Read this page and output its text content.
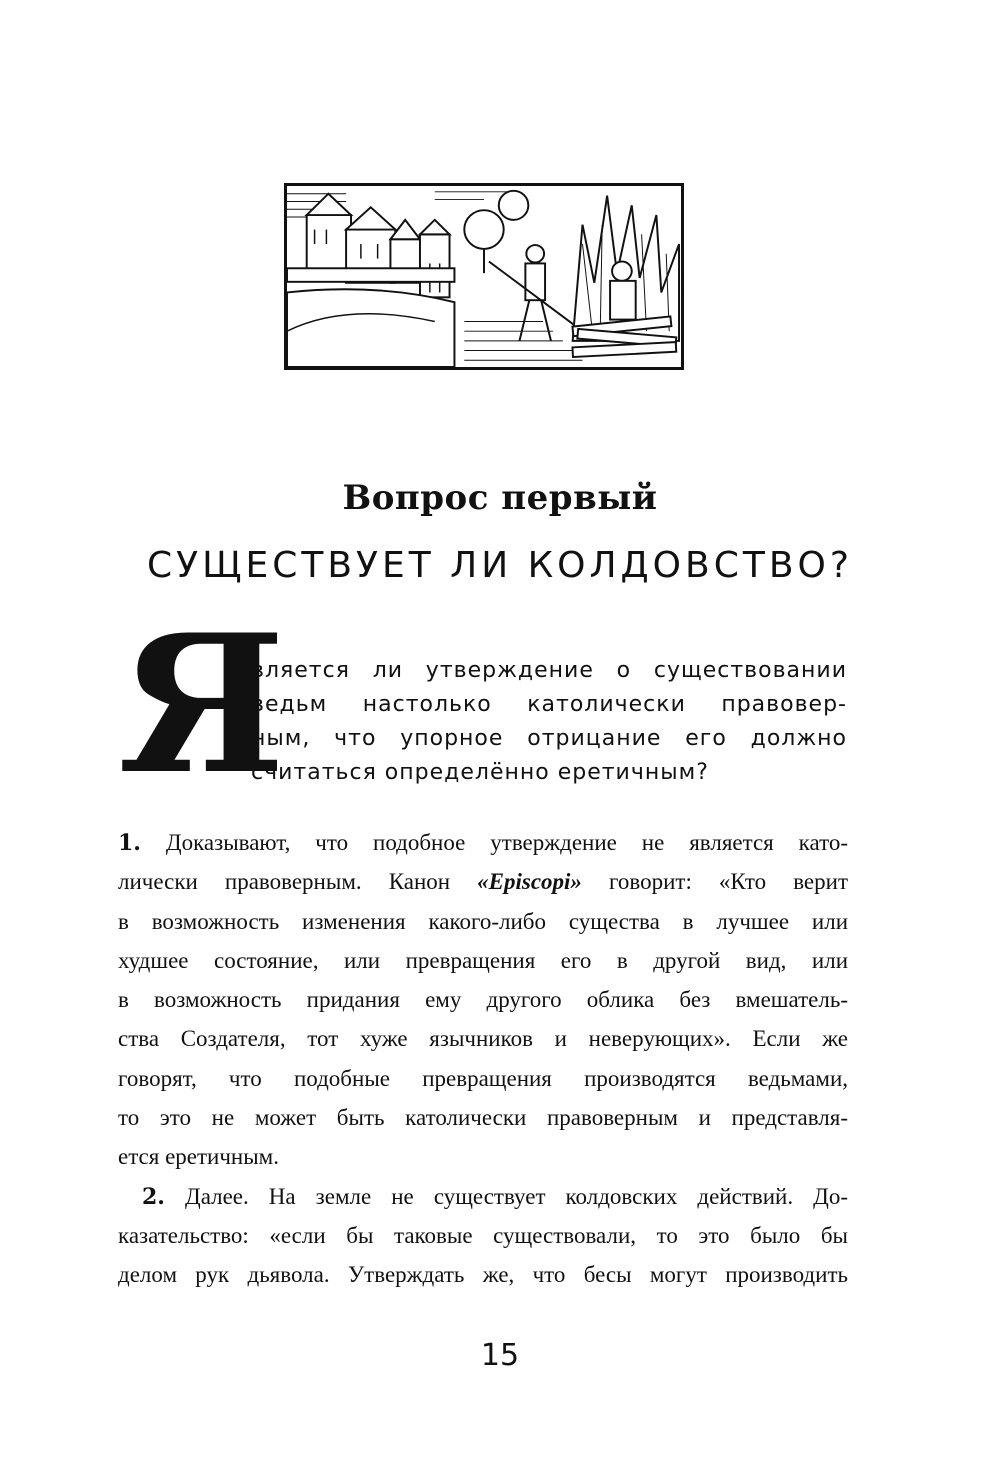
Вопрос первый
СУЩЕСТВУЕТ ЛИ КОЛДОВСТВО?
Я
вляется ли утверждение о существовании
ведьм настолько католически правовер-
ным, что упорное отрицание его должно
считаться определённо еретичным?
1. Доказывают, что подобное утверждение не является като-
лически правоверным. Канон «Episcopi» говорит: «Кто верит
в возможность изменения какого-либо существа в лучшее или
худшее состояние, или превращения его в другой вид, или
в возможность придания ему другого облика без вмешатель-
ства Создателя, тот хуже язычников и неверующих». Если же
говорят, что подобные превращения производятся ведьмами,
то это не может быть католически правоверным и представля-
ется еретичным.
2. Далее. На земле не существует колдовских действий. До-
казательство: «если бы таковые существовали, то это было бы
делом рук дьявола. Утверждать же, что бесы могут производить
15
